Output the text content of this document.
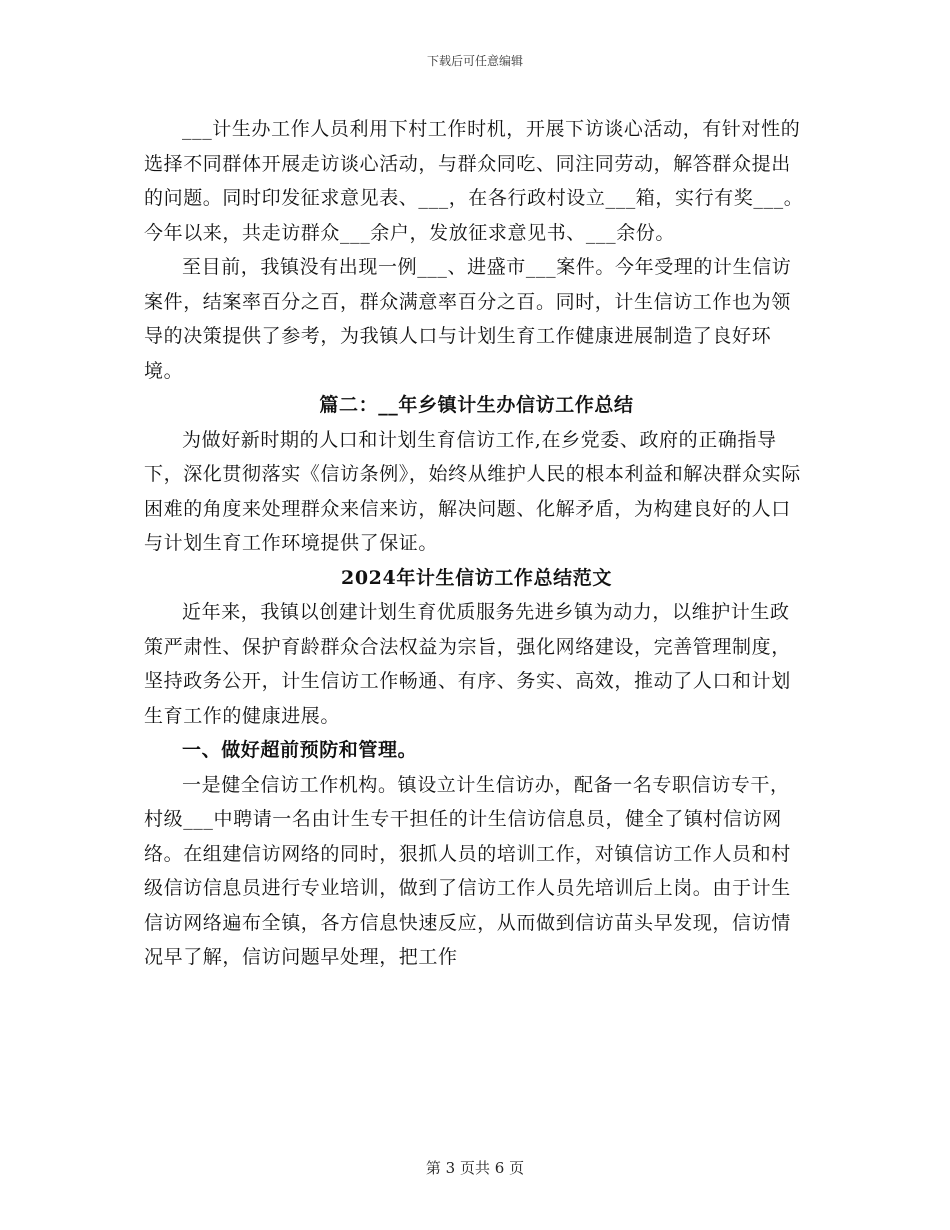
下载后可任意编辑

___计生办工作人员利用下村工作时机，开展下访谈心活动，有针对性的选择不同群体开展走访谈心活动，与群众同吃、同注同劳动，解答群众提出的问题。同时印发征求意见表、___，在各行政村设立___箱，实行有奖___。今年以来，共走访群众___余户，发放征求意见书、___余份。

至目前，我镇没有出现一例___、进盛市___案件。今年受理的计生信访案件，结案率百分之百，群众满意率百分之百。同时，计生信访工作也为领导的决策提供了参考，为我镇人口与计划生育工作健康进展制造了良好环境。

篇二：__年乡镇计生办信访工作总结

为做好新时期的人口和计划生育信访工作,在乡党委、政府的正确指导下，深化贯彻落实《信访条例》，始终从维护人民的根本利益和解决群众实际困难的角度来处理群众来信来访，解决问题、化解矛盾，为构建良好的人口与计划生育工作环境提供了保证。

2024年计生信访工作总结范文

近年来，我镇以创建计划生育优质服务先进乡镇为动力，以维护计生政策严肃性、保护育龄群众合法权益为宗旨，强化网络建设，完善管理制度，坚持政务公开，计生信访工作畅通、有序、务实、高效，推动了人口和计划生育工作的健康进展。

一、做好超前预防和管理。

一是健全信访工作机构。镇设立计生信访办，配备一名专职信访专干，村级___中聘请一名由计生专干担任的计生信访信息员，健全了镇村信访网络。在组建信访网络的同时，狠抓人员的培训工作，对镇信访工作人员和村级信访信息员进行专业培训，做到了信访工作人员先培训后上岗。由于计生信访网络遍布全镇，各方信息快速反应，从而做到信访苗头早发现，信访情况早了解，信访问题早处理，把工作

第 3 页共 6 页
